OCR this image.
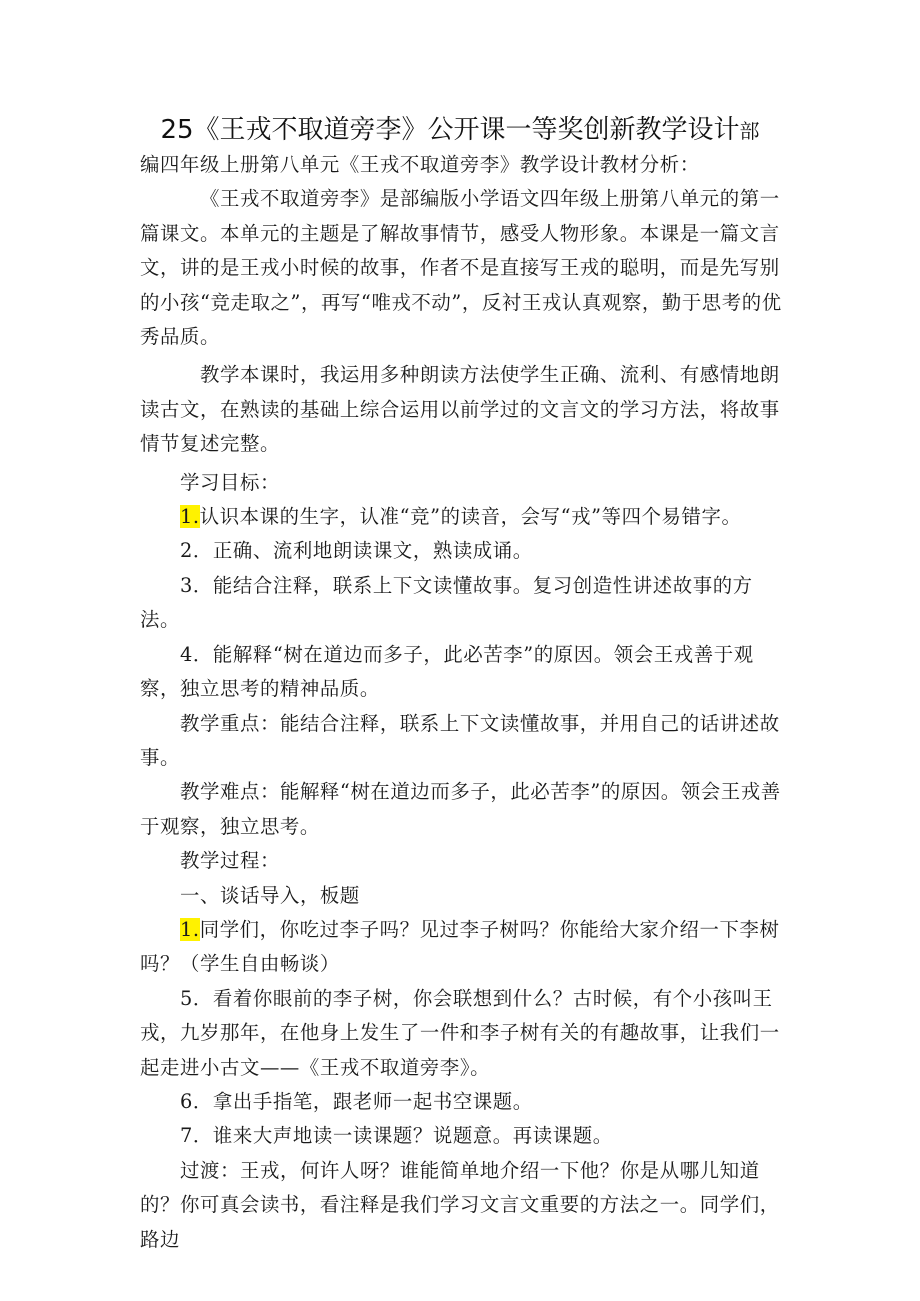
25《王戎不取道旁李》公开课一等奖创新教学设计部

编四年级上册第八单元《王戎不取道旁李》教学设计教材分析：

《王戎不取道旁李》是部编版小学语文四年级上册第八单元的第一篇课文。本单元的主题是了解故事情节，感受人物形象。本课是一篇文言文，讲的是王戎小时候的故事，作者不是直接写王戎的聪明，而是先写别的小孩“竞走取之”，再写“唯戎不动”，反衬王戎认真观察，勤于思考的优秀品质。

教学本课时，我运用多种朗读方法使学生正确、流利、有感情地朗读古文，在熟读的基础上综合运用以前学过的文言文的学习方法，将故事情节复述完整。

学习目标：

1.认识本课的生字，认准“竞”的读音，会写“戎”等四个易错字。

2．正确、流利地朗读课文，熟读成诵。

3．能结合注释，联系上下文读懂故事。复习创造性讲述故事的方法。

4．能解释“树在道边而多子，此必苦李”的原因。领会王戎善于观察，独立思考的精神品质。

教学重点：能结合注释，联系上下文读懂故事，并用自己的话讲述故事。

教学难点：能解释“树在道边而多子，此必苦李”的原因。领会王戎善于观察，独立思考。

教学过程：

一、谈话导入，板题

1.同学们，你吃过李子吗？见过李子树吗？你能给大家介绍一下李树吗？（学生自由畅谈）

5．看着你眼前的李子树，你会联想到什么？古时候，有个小孩叫王戎，九岁那年，在他身上发生了一件和李子树有关的有趣故事，让我们一起走进小古文——《王戎不取道旁李》。

6．拿出手指笔，跟老师一起书空课题。

7．谁来大声地读一读课题？说题意。再读课题。

过渡：王戎，何许人呀？谁能简单地介绍一下他？你是从哪儿知道的？你可真会读书，看注释是我们学习文言文重要的方法之一。同学们，路边
